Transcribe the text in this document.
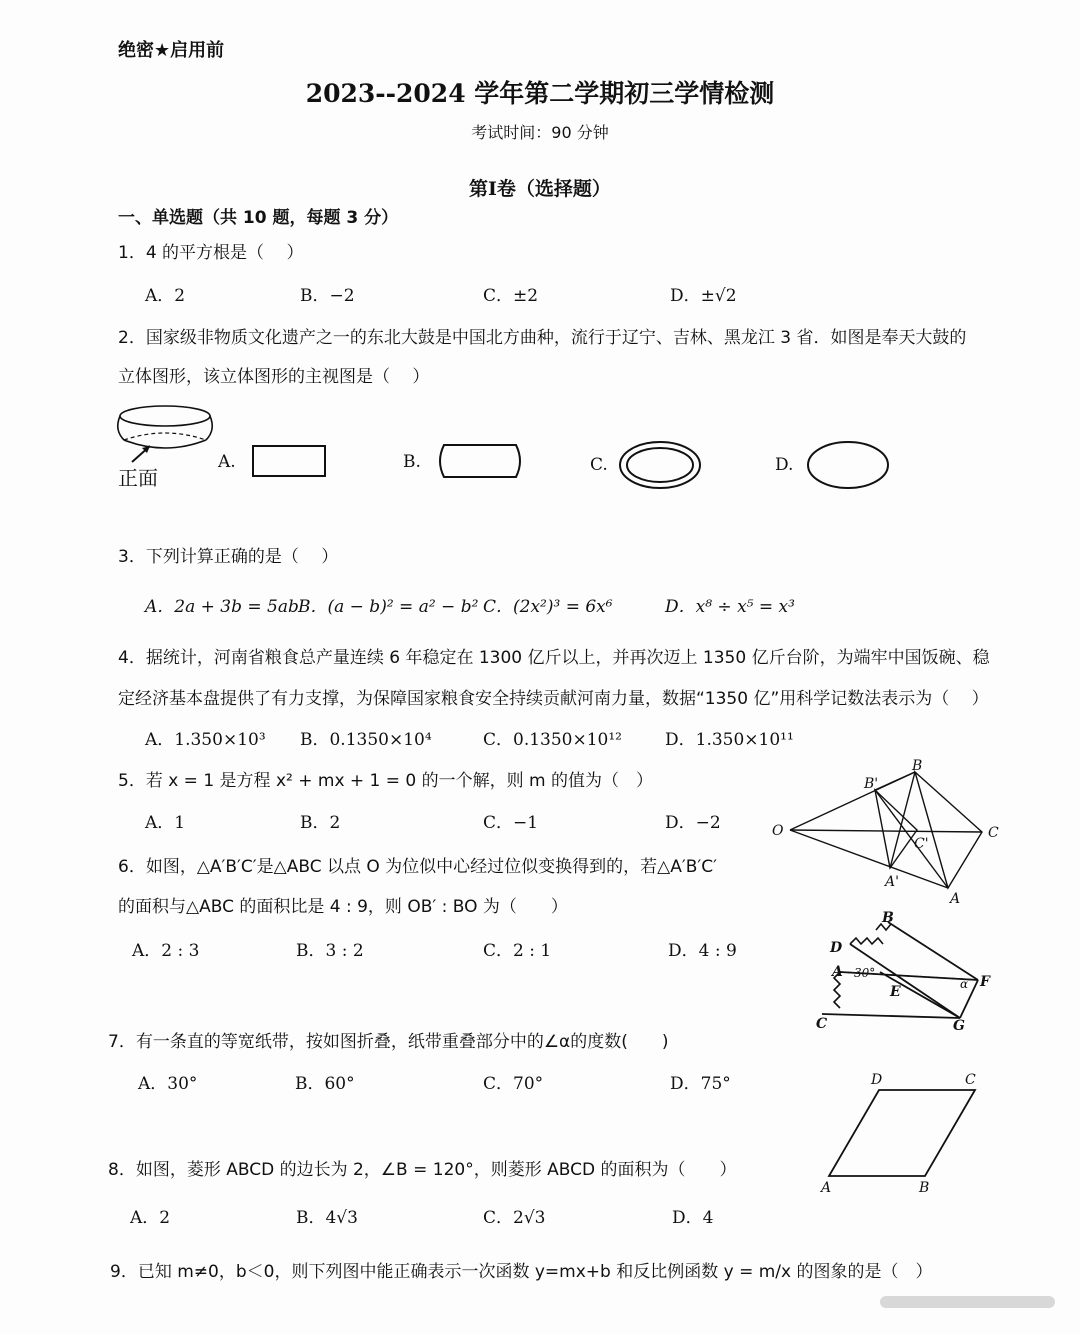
绝密★启用前
2023--2024 学年第二学期初三学情检测
考试时间：90 分钟
第Ⅰ卷（选择题）
一、单选题（共 10 题，每题 3 分）
1．4 的平方根是（　 ）
A．2	B．−2	C．±2	D．±√2
2．国家级非物质文化遗产之一的东北大鼓是中国北方曲种，流行于辽宁、吉林、黑龙江 3 省．如图是奉天大鼓的
立体图形，该立体图形的主视图是（　 ）
正面
A.	B.	C.	D.
3．下列计算正确的是（　 ）
A．2a + 3b = 5ab B．(a − b)² = a² − b² C．(2x²)³ = 6x⁶	D．x⁸ ÷ x⁵ = x³
4．据统计，河南省粮食总产量连续 6 年稳定在 1300 亿斤以上，并再次迈上 1350 亿斤台阶，为端牢中国饭碗、稳
定经济基本盘提供了有力支撑，为保障国家粮食安全持续贡献河南力量，数据“1350 亿”用科学记数法表示为（　 ）
A．1.350×10³ B．0.1350×10⁴	C．0.1350×10¹²	D．1.350×10¹¹
5．若 x = 1 是方程 x² + mx + 1 = 0 的一个解，则 m 的值为（　）
A．1	B．2	C．−1	D．−2	O
B'
B
C'
C
A'
A
6．如图，△A′B′C′是△ABC 以点 O 为位似中心经过位似变换得到的，若△A′B′C′
的面积与△ABC 的面积比是 4 : 9，则 OB′ : BO 为（　　）
A．2 : 3	B．3 : 2	C．2 : 1	D．4 : 9
B
D
A 30°
E	α F
C	G
7．有一条直的等宽纸带，按如图折叠，纸带重叠部分中的∠α的度数(　　)
A．30°	B．60°	C．70°	D．75°	D	C
A	B
8．如图，菱形 ABCD 的边长为 2，∠B = 120°，则菱形 ABCD 的面积为（　　）
A．2	B．4√3	C．2√3	D．4
9．已知 m≠0，b＜0，则下列图中能正确表示一次函数 y=mx+b 和反比例函数 y = m/x 的图象的是（　）
